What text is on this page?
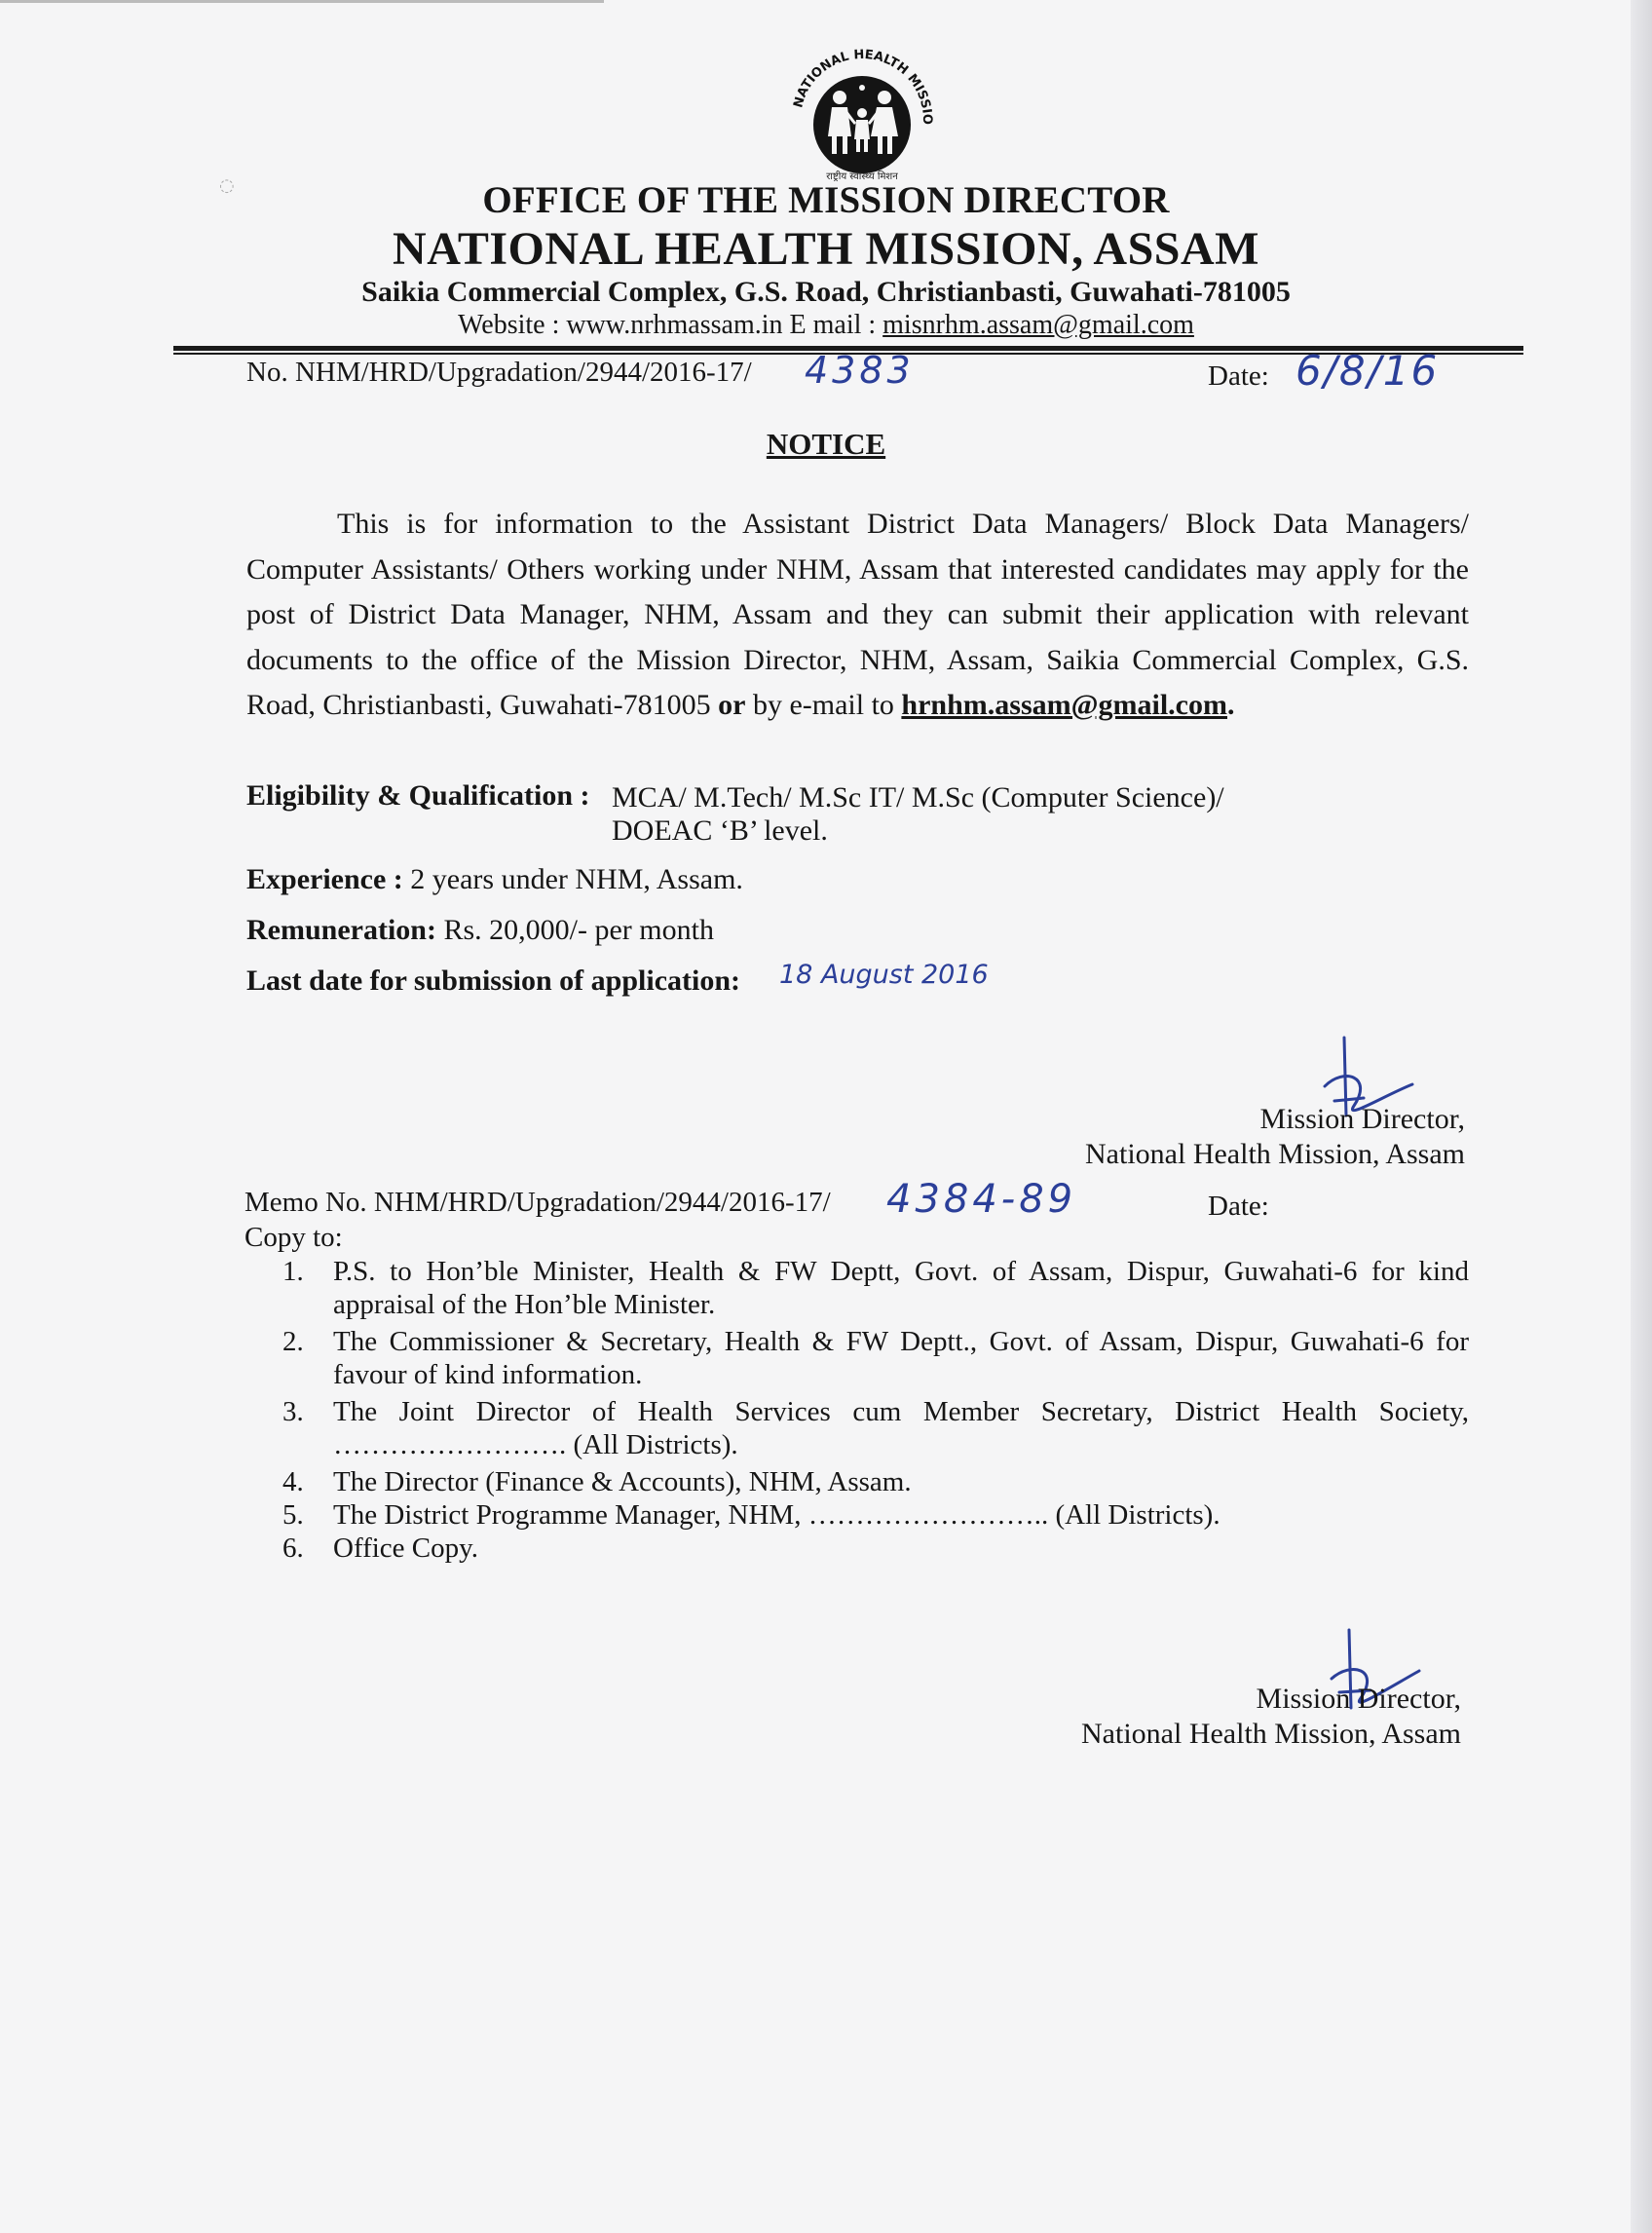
◌
NATIONAL HEALTH MISSIO
राष्ट्रीय स्वास्थ्य मिशन
OFFICE OF THE MISSION DIRECTOR
NATIONAL HEALTH MISSION, ASSAM
Saikia Commercial Complex, G.S. Road, Christianbasti, Guwahati-781005
Website : www.nrhmassam.in E mail : misnrhm.assam@gmail.com
No. NHM/HRD/Upgradation/2944/2016-17/ 4383	Date: 6/8/16
NOTICE
This is for information to the Assistant District Data Managers/ Block Data Managers/ Computer Assistants/ Others working under NHM, Assam that interested candidates may apply for the post of District Data Manager, NHM, Assam and they can submit their application with relevant documents to the office of the Mission Director, NHM, Assam, Saikia Commercial Complex, G.S. Road, Christianbasti, Guwahati-781005 or by e-mail to hrnhm.assam@gmail.com.
Eligibility & Qualification : MCA/ M.Tech/ M.Sc IT/ M.Sc (Computer Science)/
DOEAC ‘B’ level.
Experience : 2 years under NHM, Assam.
Remuneration: Rs. 20,000/- per month
Last date for submission of application: 18 August 2016
Mission Director,
National Health Mission, Assam
Memo No. NHM/HRD/Upgradation/2944/2016-17/ 4384-89	Date:
Copy to:
1.	P.S. to Hon’ble Minister, Health & FW Deptt, Govt. of Assam, Dispur, Guwahati-6 for kind appraisal of the Hon’ble Minister.
2.	The Commissioner & Secretary, Health & FW Deptt., Govt. of Assam, Dispur, Guwahati-6 for favour of kind information.
3.	The Joint Director of Health Services cum Member Secretary, District Health Society, ……………………. (All Districts).
4.	The Director (Finance & Accounts), NHM, Assam.
5.	The District Programme Manager, NHM, …………………….. (All Districts).
6.	Office Copy.
Mission Director,
National Health Mission, Assam
